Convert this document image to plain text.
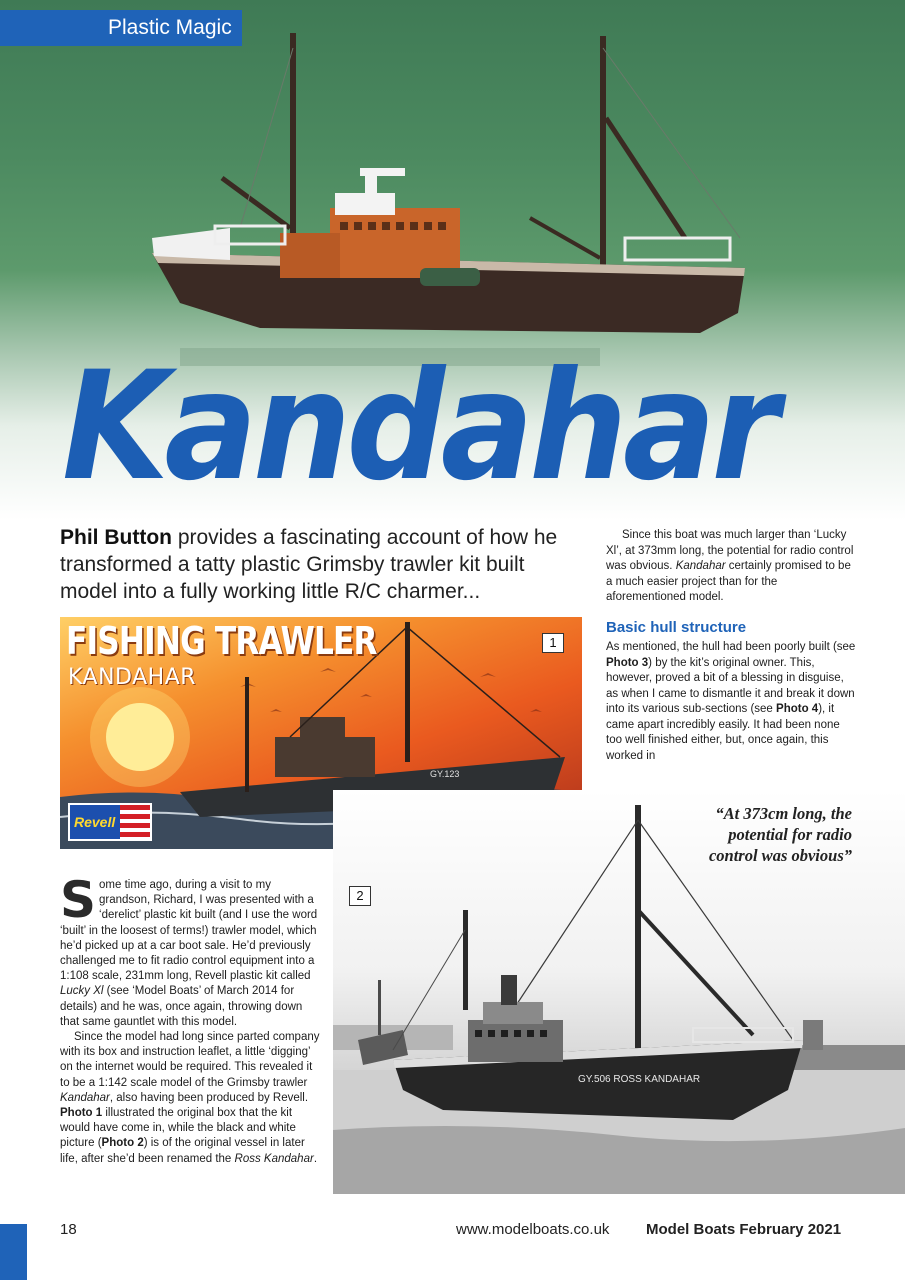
Plastic Magic
Kandahar

Phil Button provides a fascinating account of how he transformed a tatty plastic Grimsby trawler kit built model into a fully working little R/C charmer...

Since this boat was much larger than ‘Lucky Xl’, at 373mm long, the potential for radio control was obvious. Kandahar certainly promised to be a much easier project than for the aforementioned model.

Basic hull structure

As mentioned, the hull had been poorly built (see Photo 3) by the kit’s original owner. This, however, proved a bit of a blessing in disguise, as when I came to dismantle it and break it down into its various sub-sections (see Photo 4), it came apart incredibly easily. It had been none too well finished either, but, once again, this worked in

GY.123
FISHING TRAWLER
KANDAHAR
Revell
1
GY.506 ROSS KANDAHAR
2

“At 373cm long, the potential for radio control was obvious”

Some time ago, during a visit to my grandson, Richard, I was presented with a ‘derelict’ plastic kit built (and I use the word ‘built’ in the loosest of terms!) trawler model, which he’d picked up at a car boot sale. He’d previously challenged me to fit radio control equipment into a 1:108 scale, 231mm long, Revell plastic kit called Lucky Xl (see ‘Model Boats’ of March 2014 for details) and he was, once again, throwing down that same gauntlet with this model.

Since the model had long since parted company with its box and instruction leaflet, a little ‘digging’ on the internet would be required. This revealed it to be a 1:142 scale model of the Grimsby trawler Kandahar, also having been produced by Revell. Photo 1 illustrated the original box that the kit would have come in, while the black and white picture (Photo 2) is of the original vessel in later life, after she’d been renamed the Ross Kandahar.

18	www.modelboats.co.uk Model Boats February 2021
